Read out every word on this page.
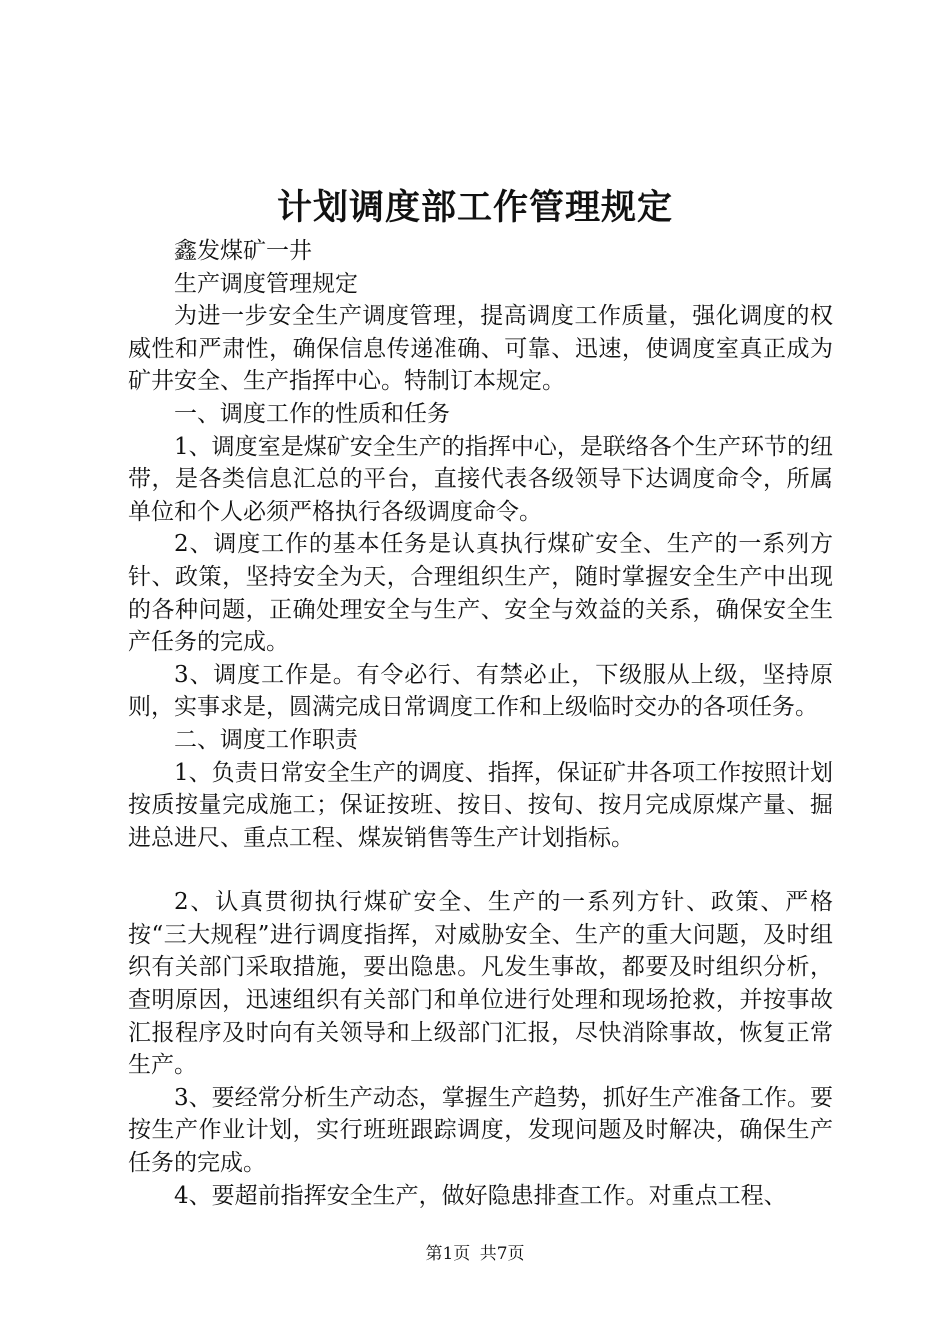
计划调度部工作管理规定

鑫发煤矿一井

生产调度管理规定

为进一步安全生产调度管理，提高调度工作质量，强化调度的权威性和严肃性，确保信息传递准确、可靠、迅速，使调度室真正成为矿井安全、生产指挥中心。特制订本规定。

一、调度工作的性质和任务

1、调度室是煤矿安全生产的指挥中心，是联络各个生产环节的纽带，是各类信息汇总的平台，直接代表各级领导下达调度命令，所属单位和个人必须严格执行各级调度命令。

2、调度工作的基本任务是认真执行煤矿安全、生产的一系列方针、政策，坚持安全为天，合理组织生产，随时掌握安全生产中出现的各种问题，正确处理安全与生产、安全与效益的关系，确保安全生产任务的完成。

3、调度工作是。有令必行、有禁必止，下级服从上级，坚持原则，实事求是，圆满完成日常调度工作和上级临时交办的各项任务。

二、调度工作职责

1、负责日常安全生产的调度、指挥，保证矿井各项工作按照计划按质按量完成施工；保证按班、按日、按旬、按月完成原煤产量、掘进总进尺、重点工程、煤炭销售等生产计划指标。

2、认真贯彻执行煤矿安全、生产的一系列方针、政策、严格按“三大规程”进行调度指挥，对威胁安全、生产的重大问题，及时组织有关部门采取措施，要出隐患。凡发生事故，都要及时组织分析，查明原因，迅速组织有关部门和单位进行处理和现场抢救，并按事故汇报程序及时向有关领导和上级部门汇报，尽快消除事故，恢复正常生产。

3、要经常分析生产动态，掌握生产趋势，抓好生产准备工作。要按生产作业计划，实行班班跟踪调度，发现问题及时解决，确保生产任务的完成。

4、要超前指挥安全生产，做好隐患排查工作。对重点工程、

第1页 共7页
